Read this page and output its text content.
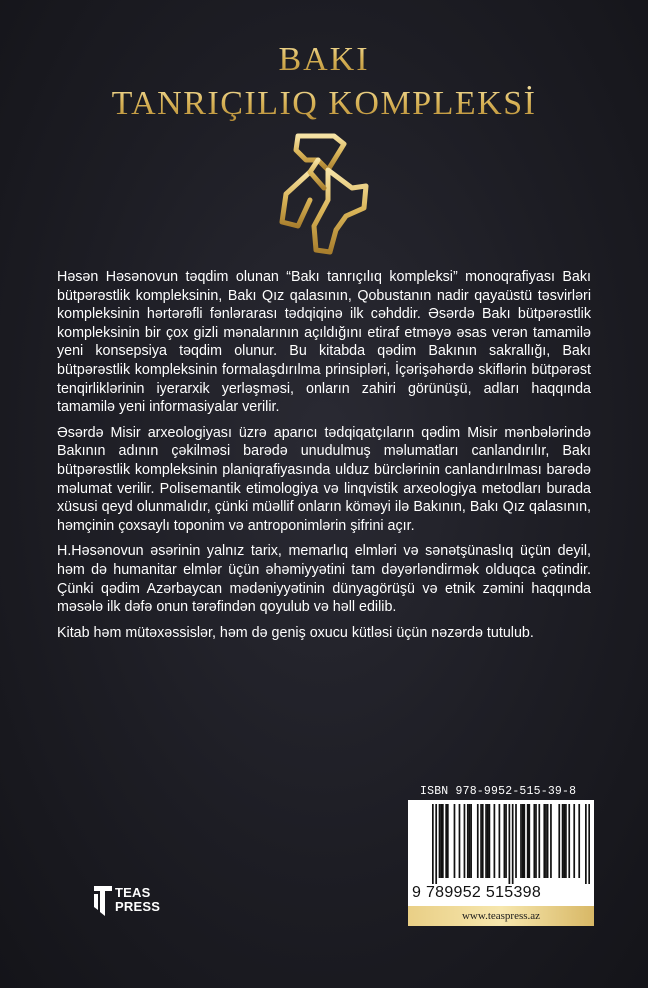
BAKI
TANRIÇILIQ KOMPLEKSİ

Həsən Həsənovun təqdim olunan “Bakı tanrıçılıq kompleksi” monoqrafiyası Bakı bütpərəstlik kompleksinin, Bakı Qız qalasının, Qobustanın nadir qayaüstü təsvirləri kompleksinin hərtərəfli fənlərarası tədqiqinə ilk cəhddir. Əsərdə Bakı bütpərəstlik kompleksinin bir çox gizli mənalarının açıldığını etiraf etməyə əsas verən tamamilə yeni konsepsiya təqdim olunur. Bu kitabda qədim Bakının sakrallığı, Bakı bütpərəstlik kompleksinin formalaşdırılma prinsipləri, İçərişəhərdə skiflərin bütpərəst tenqirliklərinin iyerarxik yerləşməsi, onların zahiri görünüşü, adları haqqında tamamilə yeni informasiyalar verilir.

Əsərdə Misir arxeologiyası üzrə aparıcı tədqiqatçıların qədim Misir mənbələrində Bakının adının çəkilməsi barədə unudulmuş məlumatları canlandırılır, Bakı bütpərəstlik kompleksinin planiqrafiyasında ulduz bürclərinin canlandırılması barədə məlumat verilir. Polisemantik etimologiya və linqvistik arxeologiya metodları burada xüsusi qeyd olunmalıdır, çünki müəllif onların köməyi ilə Bakının, Bakı Qız qalasının, həmçinin çoxsaylı toponim və antroponimlərin şifrini açır.

H.Həsənovun əsərinin yalnız tarix, memarlıq elmləri və sənətşünaslıq üçün deyil, həm də humanitar elmlər üçün əhəmiyyətini tam dəyərləndirmək olduqca çətindir. Çünki qədim Azərbaycan mədəniyyətinin dünyagörüşü və etnik zəmini haqqında məsələ ilk dəfə onun tərəfindən qoyulub və həll edilib.

Kitab həm mütəxəssislər, həm də geniş oxucu kütləsi üçün nəzərdə tutulub.

ISBN 978-9952-515-39-8
9 789952 515398
www.teaspress.az
TEAS
PRESS
